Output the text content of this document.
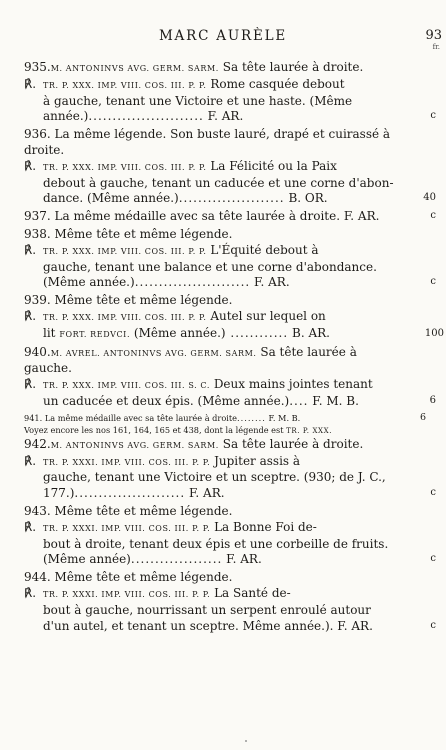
MARC AURÈLE	93
fr.
935.M. ANTONINVS AVG. GERM. SARM. Sa tête laurée à droite.
℟. TR. P. XXX. IMP. VIII. COS. III. P. P. Rome casquée debout
à gauche, tenant une Victoire et une haste. (Même
année.)........................ F. AR.	c
936. La même légende. Son buste lauré, drapé et cuirassé à
droite.
℟. TR. P. XXX. IMP. VIII. COS. III. P. P. La Félicité ou la Paix
debout à gauche, tenant un caducée et une corne d'abon-
dance. (Même année.)...................... B. OR.	40
937. La même médaille avec sa tête laurée à droite. F. AR.	c
938. Même tête et même légende.
℟. TR. P. XXX. IMP. VIII. COS. III. P. P. L'Équité debout à
gauche, tenant une balance et une corne d'abondance.
(Même année.)........................ F. AR.	c
939. Même tête et même légende.
℟. TR. P. XXX. IMP. VIII. COS. III. P. P. Autel sur lequel on
lit FORT. REDVCI. (Même année.) ............ B. AR.	100
940.M. AVREL. ANTONINVS AVG. GERM. SARM. Sa tête laurée à
gauche.
℟. TR. P. XXX. IMP. VIII. COS. III. S. C. Deux mains jointes tenant
un caducée et deux épis. (Même année.).... F. M. B.	6
941. La même médaille avec sa tête laurée à droite........ F. M. B.	6
Voyez encore les nos 161, 164, 165 et 438, dont la légende est TR. P. XXX.
942.M. ANTONINVS AVG. GERM. SARM. Sa tête laurée à droite.
℟. TR. P. XXXI. IMP. VIII. COS. III. P. P. Jupiter assis à
gauche, tenant une Victoire et un sceptre. (930; de J. C.,
177.)....................... F. AR.	c
943. Même tête et même légende.
℟. TR. P. XXXI. IMP. VIII. COS. III. P. P. La Bonne Foi de-
bout à droite, tenant deux épis et une corbeille de fruits.
(Même année)................... F. AR.	c
944. Même tête et même légende.
℟. TR. P. XXXI. IMP. VIII. COS. III. P. P. La Santé de-
bout à gauche, nourrissant un serpent enroulé autour
d'un autel, et tenant un sceptre. Même année.). F. AR.	c
